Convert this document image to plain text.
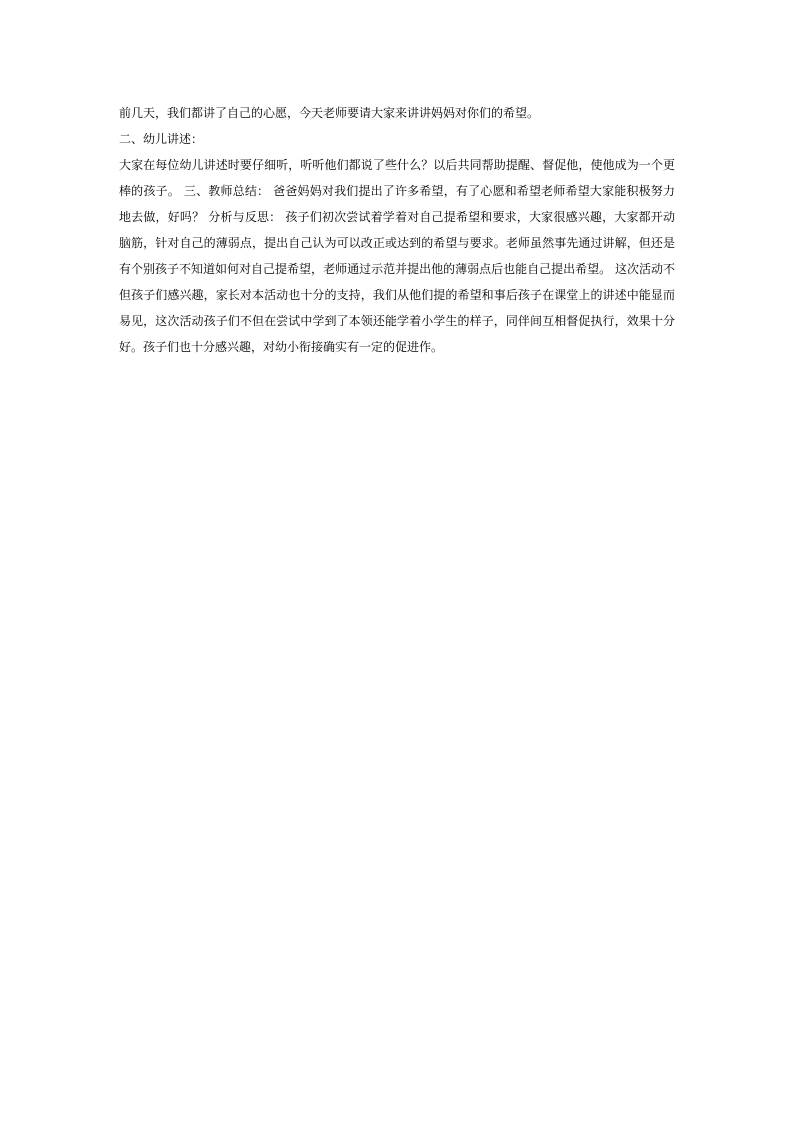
前几天，我们都讲了自己的心愿，今天老师要请大家来讲讲妈妈对你们的希望。

二、幼儿讲述：

大家在每位幼儿讲述时要仔细听，听听他们都说了些什么？以后共同帮助提醒、督促他，使他成为一个更棒的孩子。 三、教师总结： 爸爸妈妈对我们提出了许多希望，有了心愿和希望老师希望大家能积极努力地去做，好吗？ 分析与反思： 孩子们初次尝试着学着对自己提希望和要求，大家很感兴趣，大家都开动脑筋，针对自己的薄弱点，提出自己认为可以改正或达到的希望与要求。老师虽然事先通过讲解，但还是有个别孩子不知道如何对自己提希望，老师通过示范并提出他的薄弱点后也能自己提出希望。 这次活动不但孩子们感兴趣，家长对本活动也十分的支持，我们从他们提的希望和事后孩子在课堂上的讲述中能显而易见，这次活动孩子们不但在尝试中学到了本领还能学着小学生的样子，同伴间互相督促执行，效果十分好。孩子们也十分感兴趣，对幼小衔接确实有一定的促进作。
